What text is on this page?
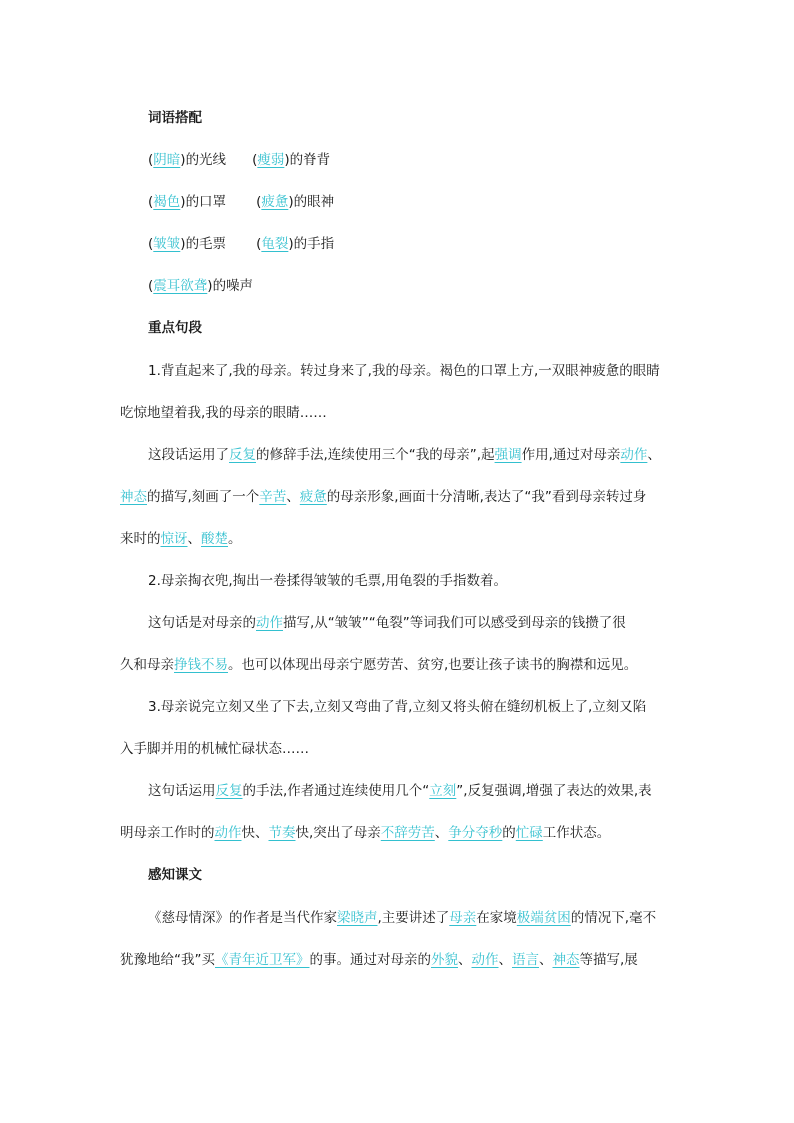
词语搭配
(阴暗)的光线 (瘦弱)的脊背
(褐色)的口罩 (疲惫)的眼神
(皱皱)的毛票 (龟裂)的手指
(震耳欲聋)的噪声
重点句段
1.背直起来了,我的母亲。转过身来了,我的母亲。褐色的口罩上方,一双眼神疲惫的眼睛
吃惊地望着我,我的母亲的眼睛……
这段话运用了反复的修辞手法,连续使用三个“我的母亲”,起强调作用,通过对母亲动作、
神态的描写,刻画了一个辛苦、疲惫的母亲形象,画面十分清晰,表达了“我”看到母亲转过身
来时的惊讶、酸楚。
2.母亲掏衣兜,掏出一卷揉得皱皱的毛票,用龟裂的手指数着。
这句话是对母亲的动作描写,从“皱皱”“龟裂”等词我们可以感受到母亲的钱攒了很
久和母亲挣钱不易。也可以体现出母亲宁愿劳苦、贫穷,也要让孩子读书的胸襟和远见。
3.母亲说完立刻又坐了下去,立刻又弯曲了背,立刻又将头俯在缝纫机板上了,立刻又陷
入手脚并用的机械忙碌状态……
这句话运用反复的手法,作者通过连续使用几个“立刻”,反复强调,增强了表达的效果,表
明母亲工作时的动作快、节奏快,突出了母亲不辞劳苦、争分夺秒的忙碌工作状态。
感知课文
《慈母情深》的作者是当代作家梁晓声,主要讲述了母亲在家境极端贫困的情况下,毫不
犹豫地给“我”买《青年近卫军》的事。通过对母亲的外貌、动作、语言、神态等描写,展
